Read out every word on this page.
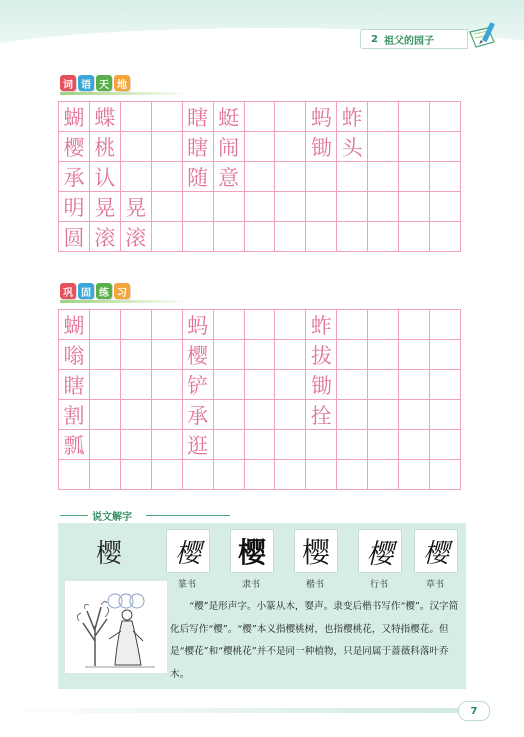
2 祖父的园子
词 语 天 地
蝴 蝶	瞎 蜓	蚂 蚱
樱 桃	瞎 闹	锄 头
承 认	随 意
明 晃 晃
圆 滚 滚
巩 固 练 习
蝴	蚂	蚱
嗡	樱	拔
瞎	铲	锄
割	承	拴
瓢	逛
说文解字
樱	樱
篆书
樱
隶书
樱
楷书
樱
行书
樱
草书
“樱”是形声字。小篆从木，婴声。隶变后楷书写作“樱”。汉字简化后写作“樱”。“樱”本义指樱桃树，也指樱桃花，又特指樱花。但是“樱花”和“樱桃花”并不是同一种植物，只是同属于蔷薇科落叶乔木。
7
